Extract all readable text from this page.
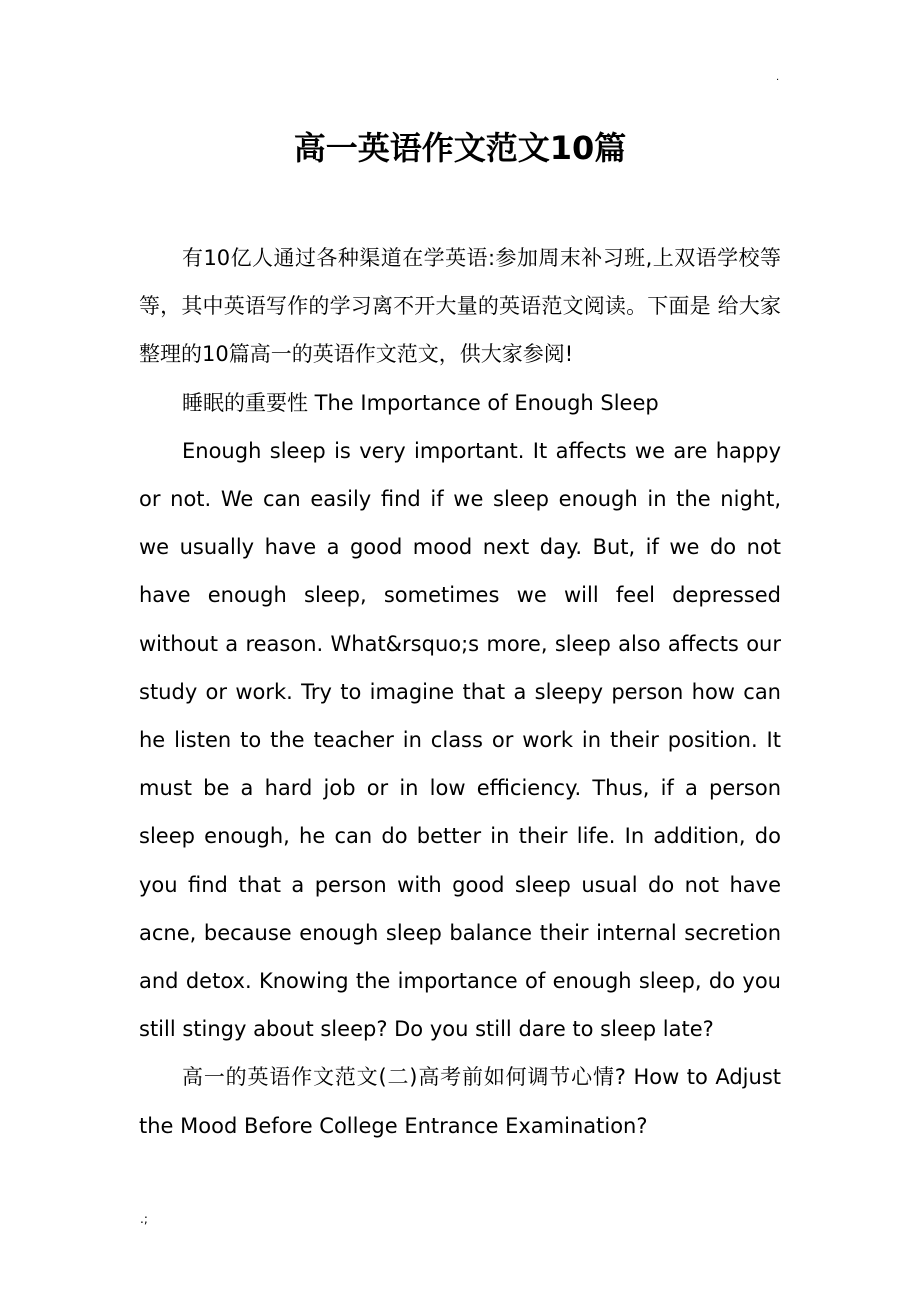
.
高一英语作文范文10篇

有10亿人通过各种渠道在学英语:参加周末补习班,上双语学校等等，其中英语写作的学习离不开大量的英语范文阅读。下面是 给大家整理的10篇高一的英语作文范文，供大家参阅!

睡眠的重要性 The Importance of Enough Sleep

Enough sleep is very important. It affects we are happy or not. We can easily find if we sleep enough in the night, we usually have a good mood next day. But, if we do not have enough sleep, sometimes we will feel depressed without a reason. What&rsquo;s more, sleep also affects our study or work. Try to imagine that a sleepy person how can he listen to the teacher in class or work in their position. It must be a hard job or in low efficiency. Thus, if a person sleep enough, he can do better in their life. In addition, do you find that a person with good sleep usual do not have acne, because enough sleep balance their internal secretion and detox. Knowing the importance of enough sleep, do you still stingy about sleep? Do you still dare to sleep late?

高一的英语作文范文(二)高考前如何调节心情? How to Adjust the Mood Before College Entrance Examination?

.;
